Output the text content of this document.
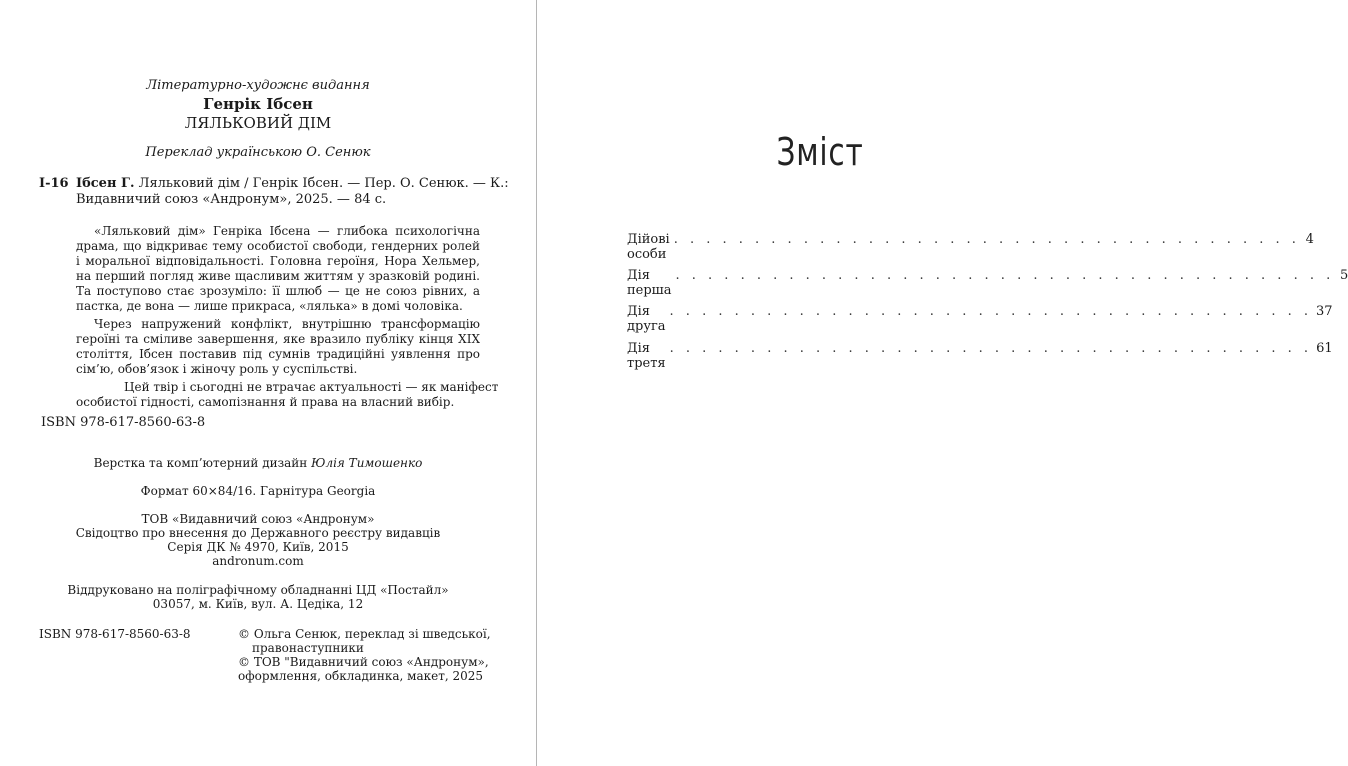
Літературно-художнє видання
Генрік Ібсен
ЛЯЛЬКОВИЙ ДІМ
Переклад українською О. Сенюк
І-16 Ібсен Г. Ляльковий дім / Генрік Ібсен. — Пер. О. Сенюк. — К.:
Видавничий союз «Андронум», 2025. — 84 с.
«Ляльковий дім» Генріка Ібсена — глибока психологічна драма, що відкриває тему особистої свободи, гендерних ролей і моральної відповідальності. Головна героїня, Нора Хельмер, на перший погляд живе щасливим життям у зразковій родині. Та поступово стає зрозуміло: її шлюб — це не союз рівних, а пастка, де вона — лише прикраса, «лялька» в домі чоловіка.
Через напружений конфлікт, внутрішню трансформацію героїні та сміливе завершення, яке вразило публіку кінця XIX століття, Ібсен поставив під сумнів традиційні уявлення про сім’ю, обов’язок і жіночу роль у суспільстві.
Цей твір і сьогодні не втрачає актуальності — як маніфест
особистої гідності, самопізнання й права на власний вибір.
ISBN 978-617-8560-63-8
Верстка та комп’ютерний дизайн Юлія Тимошенко
Формат 60×84/16. Гарнітура Georgia
ТОВ «Видавничий союз «Андронум»
Свідоцтво про внесення до Державного реєстру видавців
Серія ДК № 4970, Київ, 2015
andronum.com
Віддруковано на поліграфічному обладнанні ЦД «Постайл»
03057, м. Київ, вул. А. Цедіка, 12
ISBN 978-617-8560-63-8	© Ольга Сенюк, переклад зі шведської,
правонаступники
© ТОВ "Видавничий союз «Андронум»,
оформлення, обкладинка, макет, 2025
Зміст
Дійові особи
. . . . . . . . . . . . . . . . . . . . . . . . . . . . . . . . . . . . . . . 4
Дія перша
. . . . . . . . . . . . . . . . . . . . . . . . . . . . . . . . . . . . . . . . . 5
Дія друга
. . . . . . . . . . . . . . . . . . . . . . . . . . . . . . . . . . . . . . . . 37
Дія третя
. . . . . . . . . . . . . . . . . . . . . . . . . . . . . . . . . . . . . . . . 61
